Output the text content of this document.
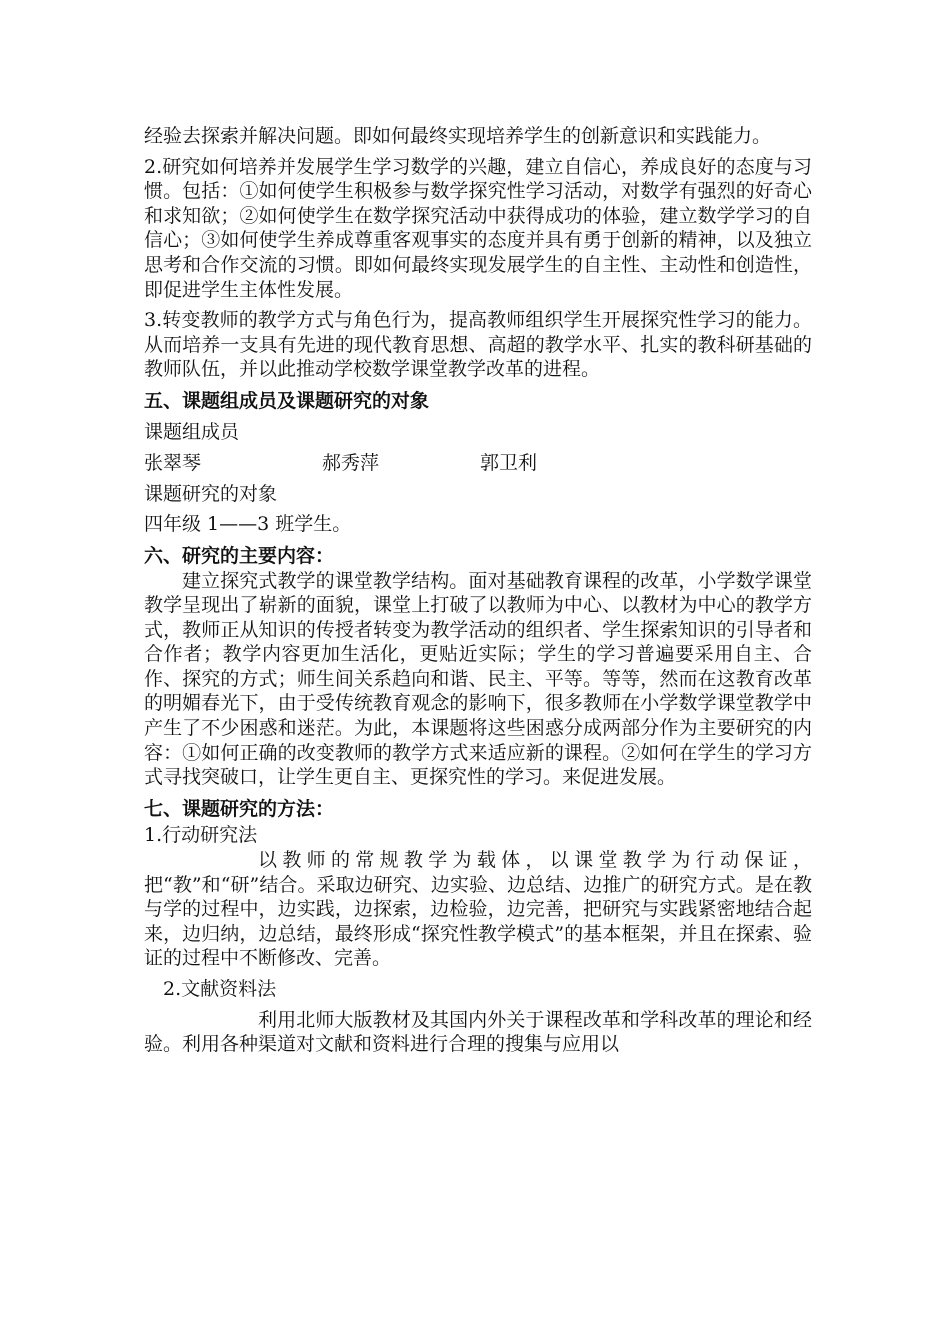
经验去探索并解决问题。即如何最终实现培养学生的创新意识和实践能力。

2.研究如何培养并发展学生学习数学的兴趣，建立自信心，养成良好的态度与习惯。包括：①如何使学生积极参与数学探究性学习活动，对数学有强烈的好奇心和求知欲；②如何使学生在数学探究活动中获得成功的体验，建立数学学习的自信心；③如何使学生养成尊重客观事实的态度并具有勇于创新的精神，以及独立思考和合作交流的习惯。即如何最终实现发展学生的自主性、主动性和创造性，即促进学生主体性发展。

3.转变教师的教学方式与角色行为，提高教师组织学生开展探究性学习的能力。从而培养一支具有先进的现代教育思想、高超的教学水平、扎实的教科研基础的教师队伍，并以此推动学校数学课堂教学改革的进程。

五、课题组成员及课题研究的对象
课题组成员
张翠琴	郝秀萍	郭卫利
课题研究的对象
四年级 1——3 班学生。
六、研究的主要内容：

建立探究式教学的课堂教学结构。面对基础教育课程的改革，小学数学课堂教学呈现出了崭新的面貌，课堂上打破了以教师为中心、以教材为中心的教学方式，教师正从知识的传授者转变为教学活动的组织者、学生探索知识的引导者和合作者；教学内容更加生活化，更贴近实际；学生的学习普遍要采用自主、合作、探究的方式；师生间关系趋向和谐、民主、平等。等等，然而在这教育改革的明媚春光下，由于受传统教育观念的影响下，很多教师在小学数学课堂教学中产生了不少困惑和迷茫。为此，本课题将这些困惑分成两部分作为主要研究的内容：①如何正确的改变教师的教学方式来适应新的课程。②如何在学生的学习方式寻找突破口，让学生更自主、更探究性的学习。来促进发展。

七、课题研究的方法：
1.行动研究法

以教师的常规教学为载体，以课堂教学为行动保证，把“教”和“研”结合。采取边研究、边实验、边总结、边推广的研究方式。是在教与学的过程中，边实践，边探索，边检验，边完善，把研究与实践紧密地结合起来，边归纳，边总结，最终形成“探究性教学模式”的基本框架，并且在探索、验证的过程中不断修改、完善。

2.文献资料法

利用北师大版教材及其国内外关于课程改革和学科改革的理论和经验。利用各种渠道对文献和资料进行合理的搜集与应用以
